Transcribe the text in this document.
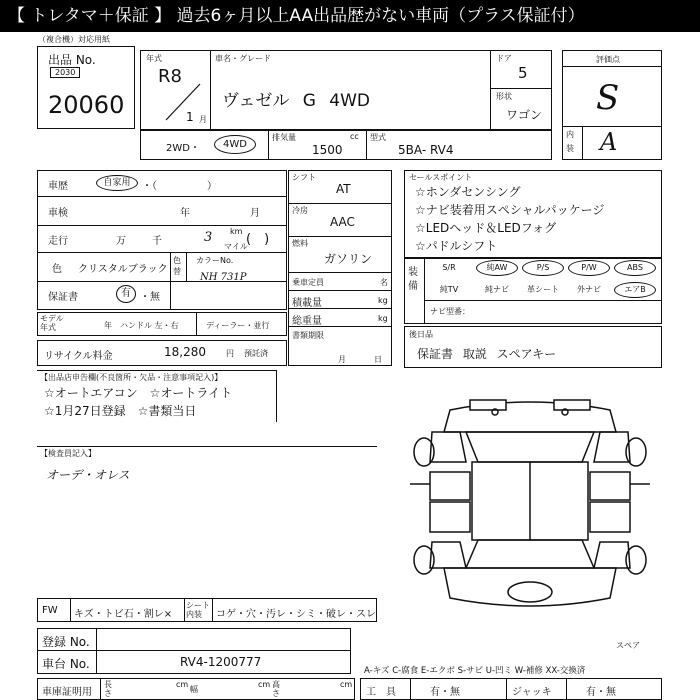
【 トレタマ＋保証 】 過去6ヶ月以上AA出品歴がない車両（プラス保証付）
（複合機）対応用紙
出品 No.
2030
20060
年式
R8
1 月
車名・グレード
ヴェゼル G 4WD
ドア
5
形状
ワゴン
評価点
S
内装 A
2WD・	4WD
排気量	cc
1500
型式
5BA- RV4
車歴	自家用	・（　　　　　）
車検	年	月
走行	万	千	3 km
マイル
(　)
色 クリスタルブラック
色替
カラーNo.
NH 731P
保証書	有 ・無
モデル年式	年　ハンドル 左・右	ディーラー・並行
リサイクル料金	18,280	円 預託済
シフト
AT
冷房
AAC
燃料
ガソリン
乗車定員	名
積載量	kg
総重量	kg
書類期限
月	日
セールスポイント
☆ホンダセンシング
☆ナビ装着用スペシャルパッケージ
☆LEDヘッド＆LEDフォグ
☆パドルシフト
装備
S/R	純AW	P/S	P/W	ABS
純TV	純ナビ	革シート	外ナビ	エアB
ナビ型番：
後日品
保証書 取説 スペアキー
【出品店申告欄(不良箇所・欠品・注意事項記入)】
☆オートエアコン　☆オートライト
☆1月27日登録　☆書類当日
【検査員記入】
オーデ・オレス
スペア
FW キズ・トビ石・割レ×
シート内装	コゲ・穴・汚レ・シミ・破レ・スレ
登録 No.
車台 No.	RV4-1200777
A-キズ C-腐食 E-エクボ S-サビ U-凹ミ W-補修 XX-交換済
車庫証明用
長さ
cm
幅
cm 高さ
cm
工　具	有・無	ジャッキ	有・無
